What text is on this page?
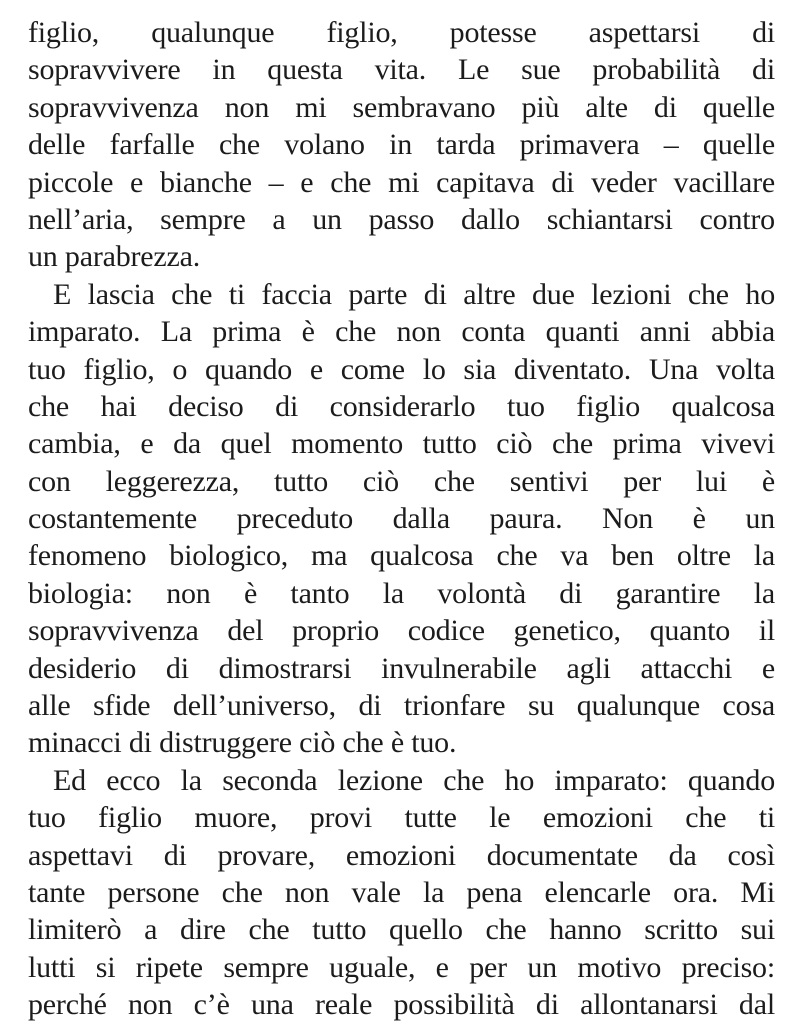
figlio, qualunque figlio, potesse aspettarsi di
sopravvivere in questa vita. Le sue probabilità di
sopravvivenza non mi sembravano più alte di quelle
delle farfalle che volano in tarda primavera – quelle
piccole e bianche – e che mi capitava di veder vacillare
nell’aria, sempre a un passo dallo schiantarsi contro
un parabrezza.
E lascia che ti faccia parte di altre due lezioni che ho
imparato. La prima è che non conta quanti anni abbia
tuo figlio, o quando e come lo sia diventato. Una volta
che hai deciso di considerarlo tuo figlio qualcosa
cambia, e da quel momento tutto ciò che prima vivevi
con leggerezza, tutto ciò che sentivi per lui è
costantemente preceduto dalla paura. Non è un
fenomeno biologico, ma qualcosa che va ben oltre la
biologia: non è tanto la volontà di garantire la
sopravvivenza del proprio codice genetico, quanto il
desiderio di dimostrarsi invulnerabile agli attacchi e
alle sfide dell’universo, di trionfare su qualunque cosa
minacci di distruggere ciò che è tuo.
Ed ecco la seconda lezione che ho imparato: quando
tuo figlio muore, provi tutte le emozioni che ti
aspettavi di provare, emozioni documentate da così
tante persone che non vale la pena elencarle ora. Mi
limiterò a dire che tutto quello che hanno scritto sui
lutti si ripete sempre uguale, e per un motivo preciso:
perché non c’è una reale possibilità di allontanarsi dal
